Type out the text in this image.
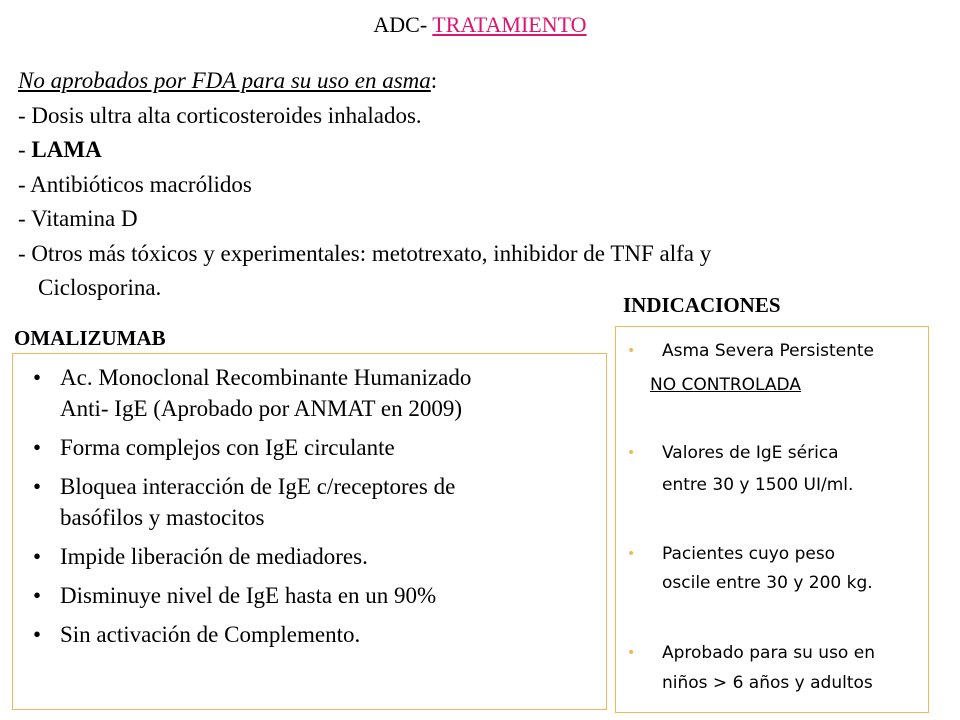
ADC- TRATAMIENTO
No aprobados por FDA para su uso en asma:
- Dosis ultra alta corticosteroides inhalados.
- LAMA
- Antibióticos macrólidos
- Vitamina D
- Otros más tóxicos y experimentales: metotrexato, inhibidor de TNF alfa y
Ciclosporina.
OMALIZUMAB
INDICACIONES
• Ac. Monoclonal Recombinante Humanizado
Anti- IgE (Aprobado por ANMAT en 2009)
• Forma complejos con IgE circulante
• Bloquea interacción de IgE c/receptores de
basófilos y mastocitos
• Impide liberación de mediadores.
• Disminuye nivel de IgE hasta en un 90%
• Sin activación de Complemento.
• Asma Severa Persistente
NO CONTROLADA
• Valores de IgE sérica
entre 30 y 1500 UI/ml.
• Pacientes cuyo peso
oscile entre 30 y 200 kg.
• Aprobado para su uso en
niños > 6 años y adultos
